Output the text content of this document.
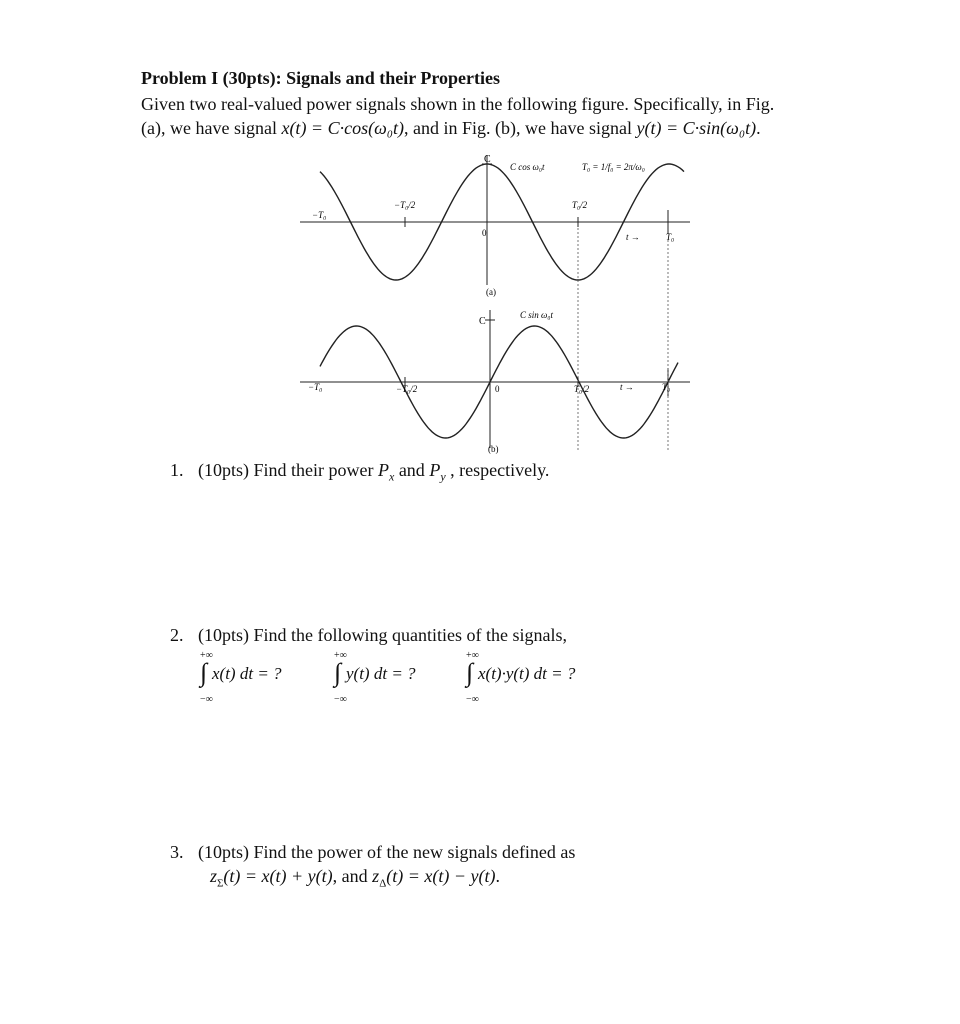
Problem I (30pts): Signals and their Properties
Given two real-valued power signals shown in the following figure. Specifically, in Fig.
(a), we have signal x(t) = C·cos(ω₀t), and in Fig. (b), we have signal y(t) = C·sin(ω₀t).
C
C cos ω₀t	T₀ = 1/f₀ = 2π/ω₀
−T₀
−T₀/2
0
T₀/2
t →	T₀
(a)
C
C sin ω₀t
−T₀	−T₀/2	0	T₀/2	t →	T₀
(b)
1. (10pts) Find their power $P_x$ and $P_y$ , respectively.
2. (10pts) Find the following quantities of the signals,
+∞
∫ x(t) dt = ?
−∞
+∞
∫ y(t) dt = ?
−∞
+∞
∫ x(t)·y(t) dt = ?
−∞
3. (10pts) Find the power of the new signals defined as
$z_\Sigma(t) = x(t) + y(t)$, and $z_\Delta(t) = x(t) - y(t)$.
